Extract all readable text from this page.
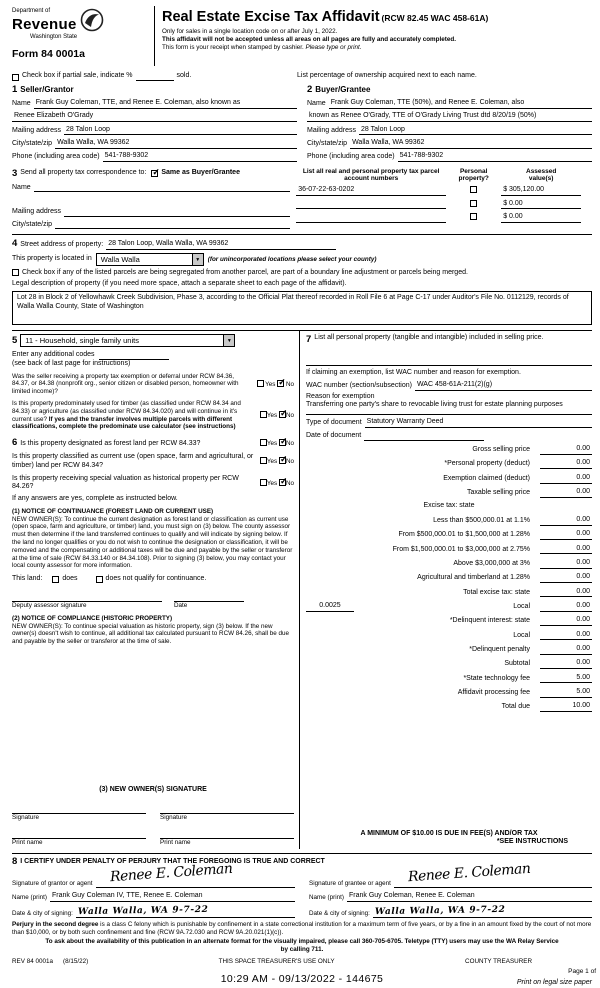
Department of
Revenue
Washington State
Form 84 0001a
Real Estate Excise Tax Affidavit (RCW 82.45 WAC 458-61A)
Only for sales in a single location code on or after July 1, 2022.
This affidavit will not be accepted unless all areas on all pages are fully and accurately completed.
This form is your receipt when stamped by cashier. Please type or print.
Check box if partial sale, indicate %	sold.	List percentage of ownership acquired next to each name.
1 Seller/Grantor
Name Frank Guy Coleman, TTE, and Renee E. Coleman, also known as
Renee Elizabeth O'Grady
Mailing address 28 Talon Loop
City/state/zip Walla Walla, WA 99362
Phone (including area code) 541-788-9302
2 Buyer/Grantee
Name Frank Guy Coleman, TTE (50%), and Renee E. Coleman, also
known as Renee O'Grady, TTE of O'Grady Living Trust dtd 8/20/19 (50%)
Mailing address 28 Talon Loop
City/state/zip Walla Walla, WA 99362
Phone (including area code) 541-788-9302
3 Send all property tax correspondence to: ✓ Same as Buyer/Grantee
Name
Mailing address
City/state/zip
List all real and personal property tax parcel account numbers
Personal
property?
Assessed
value(s)
36-07-22-63-0202	$ 305,120.00
$ 0.00
$ 0.00
4 Street address of property: 28 Talon Loop, Walla Walla, WA 99362
This property is located in	Walla Walla	▼	(for unincorporated locations please select your county)
Check box if any of the listed parcels are being segregated from another parcel, are part of a boundary line adjustment or parcels being merged.
Legal description of property (if you need more space, attach a separate sheet to each page of the affidavit).
Lot 28 in Block 2 of Yellowhawk Creek Subdivision, Phase 3, according to the Official Plat thereof recorded in Roll File 6 at Page C-17 under Auditor's File No. 0112129, records of Walla Walla County, State of Washington
5	11 - Household, single family units	▼
Enter any additional codes
(see back of last page for instructions)
Was the seller receiving a property tax exemption or deferral under RCW 84.36, 84.37, or 84.38 (nonprofit org., senior citizen or disabled person, homeowner with limited income)?
Yes ✓ No
Is this property predominately used for timber (as classified under RCW 84.34 and 84.33) or agriculture (as classified under RCW 84.34.020) and will continue in it's current use? If yes and the transfer involves multiple parcels with different classifications, complete the predominate use calculator (see instructions)
Yes ✓ No
6 Is this property designated as forest land per RCW 84.33?	Yes ✓ No
Is this property classified as current use (open space, farm and agricultural, or timber) land per RCW 84.34?	Yes ✓ No
Is this property receiving special valuation as historical property per RCW 84.26?	Yes ✓ No
If any answers are yes, complete as instructed below.
(1) NOTICE OF CONTINUANCE (FOREST LAND OR CURRENT USE)
NEW OWNER(S): To continue the current designation as forest land or classification as current use (open space, farm and agriculture, or timber) land, you must sign on (3) below. The county assessor must then determine if the land transferred continues to qualify and will indicate by signing below. If the land no longer qualifies or you do not wish to continue the designation or classification, it will be removed and the compensating or additional taxes will be due and payable by the seller or transferor at the time of sale (RCW 84.33.140 or 84.34.108). Prior to signing (3) below, you may contact your local county assessor for more information.
This land:	does	does not qualify for continuance.
Deputy assessor signature	Date
(2) NOTICE OF COMPLIANCE (HISTORIC PROPERTY)
NEW OWNER(S): To continue special valuation as historic property, sign (3) below. If the new owner(s) doesn't wish to continue, all additional tax calculated pursuant to RCW 84.26, shall be due and payable by the seller or transferor at the time of sale.
(3) NEW OWNER(S) SIGNATURE
Signature	Signature
Print name	Print name
7 List all personal property (tangible and intangible) included in selling price.
If claiming an exemption, list WAC number and reason for exemption.
WAC number (section/subsection) WAC 458-61A-211(2)(g)
Reason for exemption
Transferring one party's share to revocable living trust for estate planning purposes
Type of document Statutory Warranty Deed
Date of document
Gross selling price	0.00
*Personal property (deduct)	0.00
Exemption claimed (deduct)	0.00
Taxable selling price	0.00
Excise tax: state
Less than $500,000.01 at 1.1%	0.00
From $500,000.01 to $1,500,000 at 1.28%	0.00
From $1,500,000.01 to $3,000,000 at 2.75%	0.00
Above $3,000,000 at 3%	0.00
Agricultural and timberland at 1.28%	0.00
Total excise tax: state	0.00
0.0025	Local	0.00
*Delinquent interest: state	0.00
Local	0.00
*Delinquent penalty	0.00
Subtotal	0.00
*State technology fee	5.00
Affidavit processing fee	5.00
Total due	10.00
A MINIMUM OF $10.00 IS DUE IN FEE(S) AND/OR TAX
*SEE INSTRUCTIONS
8 I CERTIFY UNDER PENALTY OF PERJURY THAT THE FOREGOING IS TRUE AND CORRECT
Signature of grantor or agent Renee E. Coleman
Name (print) Frank Guy Coleman IV, TTE, Renee E. Coleman
Date & city of signing: Walla Walla, WA 9-7-22
Signature of grantee or agent Renee E. Coleman
Name (print) Frank Guy Coleman, Renee E. Coleman
Date & city of signing: Walla Walla, WA 9-7-22
Perjury in the second degree is a class C felony which is punishable by confinement in a state correctional institution for a maximum term of five years, or by a fine in an amount fixed by the court of not more than $10,000, or by both such confinement and fine (RCW 9A.72.030 and RCW 9A.20.021(1)(c)).
To ask about the availability of this publication in an alternate format for the visually impaired, please call 360-705-6705. Teletype (TTY) users may use the WA Relay Service by calling 711.
REV 84 0001a (8/15/22)	THIS SPACE TREASURER'S USE ONLY	COUNTY TREASURER
10:29 AM - 09/13/2022 - 144675
Page 1 of
Print on legal size paper
